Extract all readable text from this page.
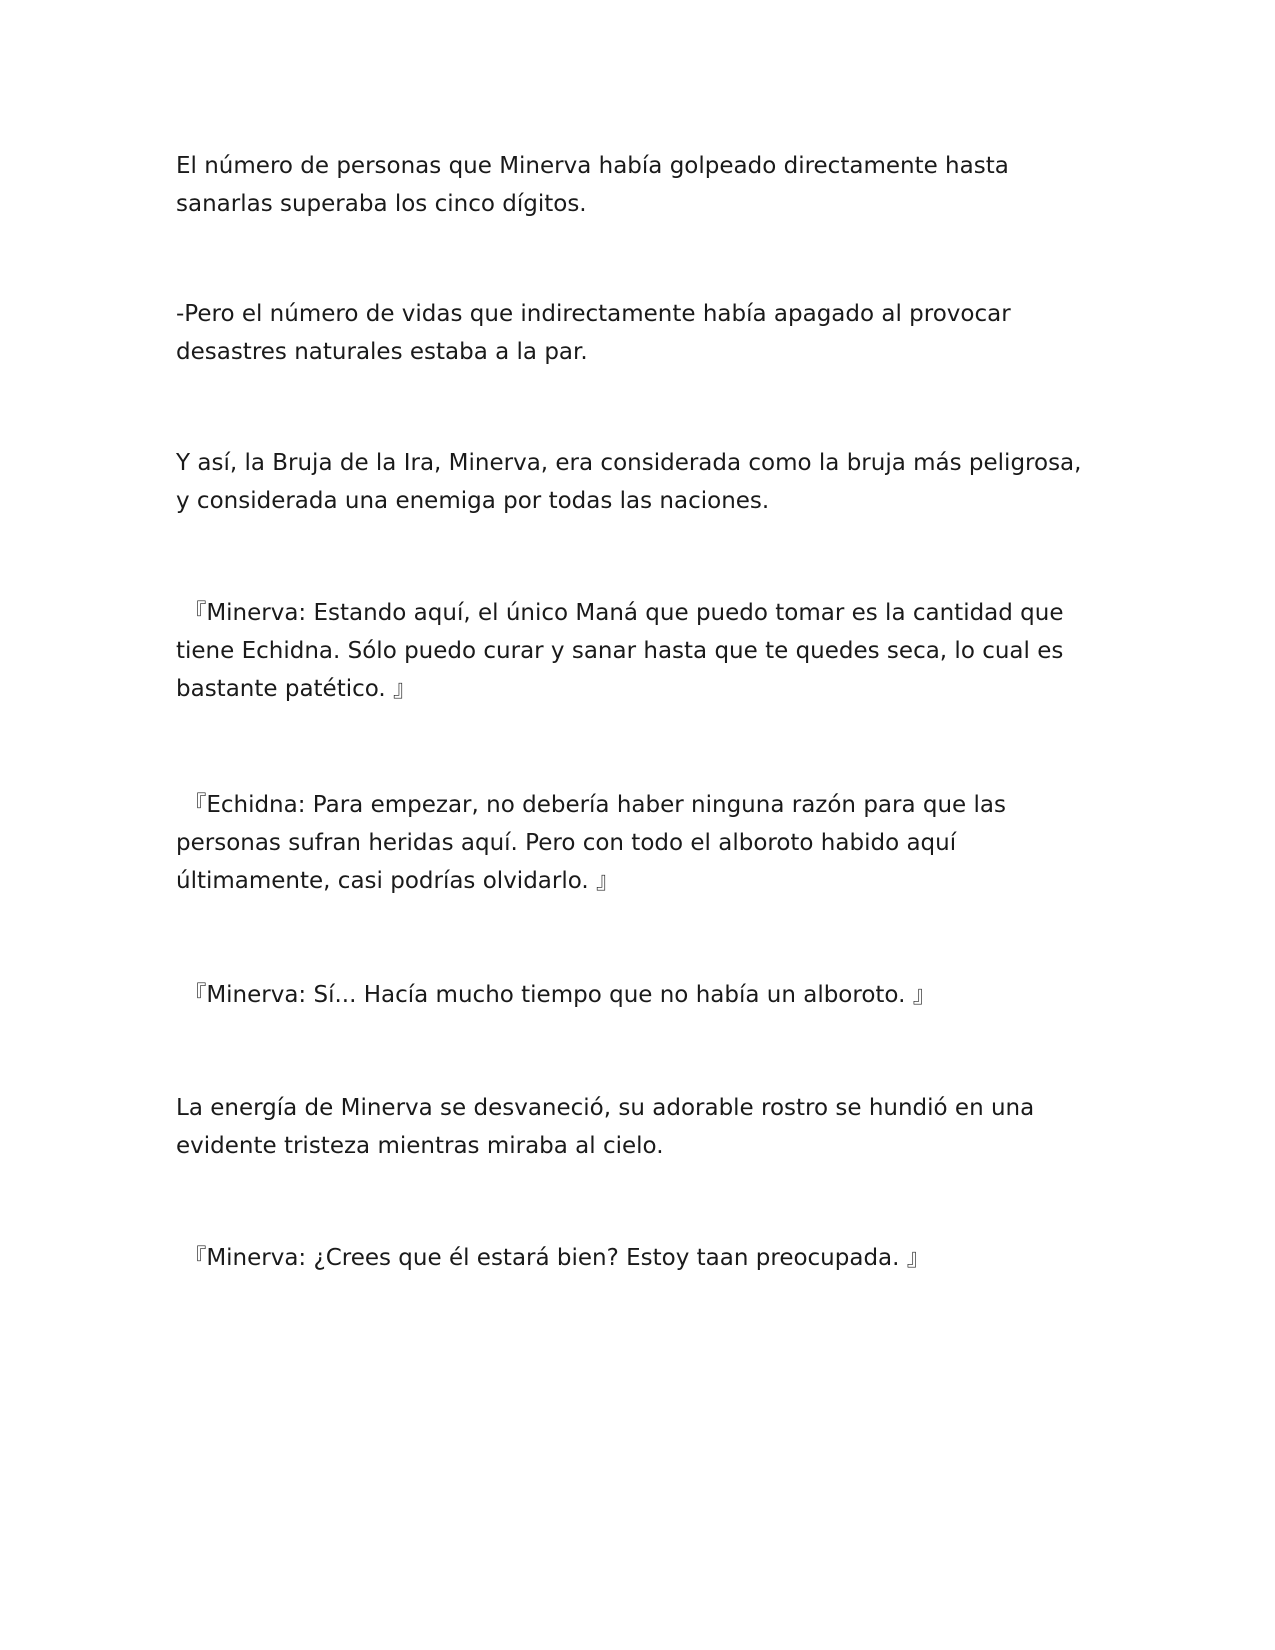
El número de personas que Minerva había golpeado directamente hasta
sanarlas superaba los cinco dígitos.

-Pero el número de vidas que indirectamente había apagado al provocar
desastres naturales estaba a la par.

Y así, la Bruja de la Ira, Minerva, era considerada como la bruja más peligrosa,
y considerada una enemiga por todas las naciones.

『Minerva: Estando aquí, el único Maná que puedo tomar es la cantidad que
tiene Echidna. Sólo puedo curar y sanar hasta que te quedes seca, lo cual es
bastante patético. 』

『Echidna: Para empezar, no debería haber ninguna razón para que las
personas sufran heridas aquí. Pero con todo el alboroto habido aquí
últimamente, casi podrías olvidarlo. 』

『Minerva: Sí... Hacía mucho tiempo que no había un alboroto. 』

La energía de Minerva se desvaneció, su adorable rostro se hundió en una
evidente tristeza mientras miraba al cielo.

『Minerva: ¿Crees que él estará bien? Estoy taan preocupada. 』
